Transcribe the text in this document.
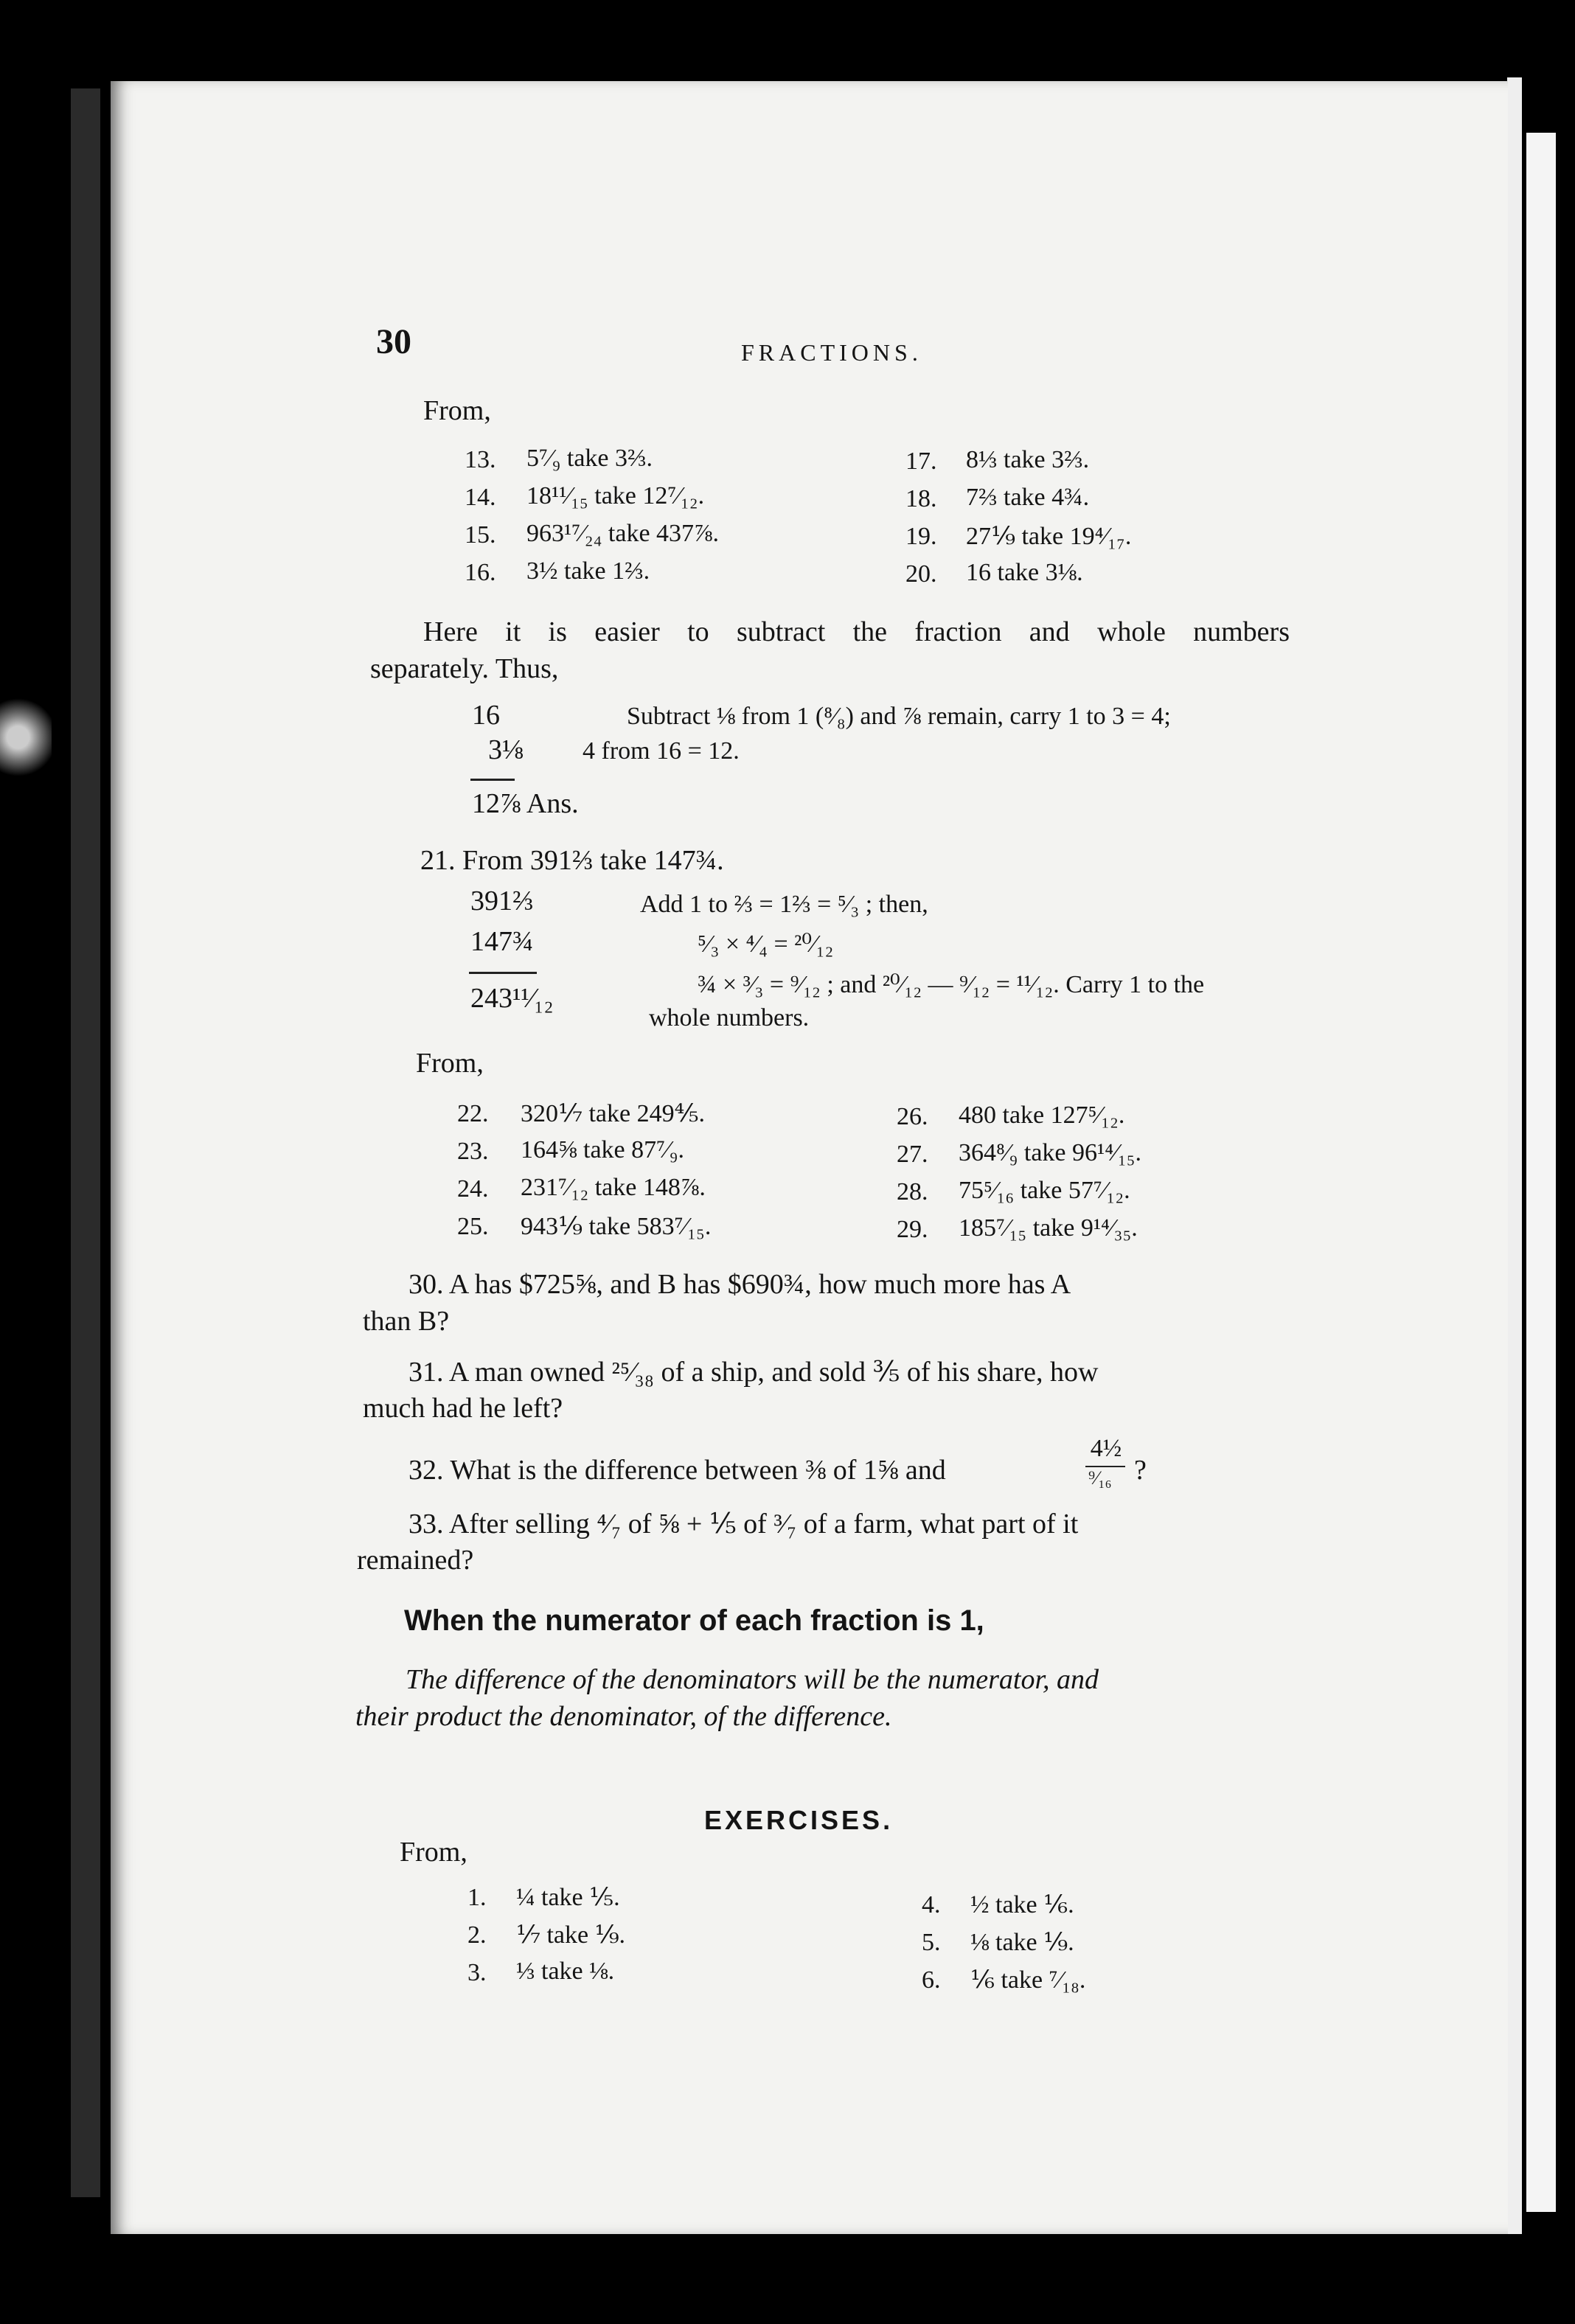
30	FRACTIONS.
From,
13. 5⁷⁄₉ take 3⅔.
14. 18¹¹⁄₁₅ take 12⁷⁄₁₂.
15. 963¹⁷⁄₂₄ take 437⅞.
16. 3½ take 1⅔.
17. 8⅓ take 3⅔.
18. 7⅔ take 4¾.
19. 27⅑ take 19⁴⁄₁₇.
20. 16 take 3⅛.
Here it is easier to subtract the fraction and whole numbers
separately. Thus,
16
3⅛
12⅞ Ans.
Subtract ⅛ from 1 (⁸⁄₈) and ⅞ remain, carry 1 to 3 = 4;
4 from 16 = 12.
21. From 391⅔ take 147¾.
391⅔
147¾
243¹¹⁄₁₂
Add 1 to ⅔ = 1⅔ = ⁵⁄₃ ; then,
⁵⁄₃ × ⁴⁄₄ = ²⁰⁄₁₂
¾ × ³⁄₃ = ⁹⁄₁₂ ; and ²⁰⁄₁₂ — ⁹⁄₁₂ = ¹¹⁄₁₂. Carry 1 to the
whole numbers.
From,
22. 320⅐ take 249⅘.
23. 164⅝ take 87⁷⁄₉.
24. 231⁷⁄₁₂ take 148⅞.
25. 943⅑ take 583⁷⁄₁₅.
26. 480 take 127⁵⁄₁₂.
27. 364⁸⁄₉ take 96¹⁴⁄₁₅.
28. 75⁵⁄₁₆ take 57⁷⁄₁₂.
29. 185⁷⁄₁₅ take 9¹⁴⁄₃₅.
30. A has $725⅝, and B has $690¾, how much more has A
than B?
31. A man owned ²⁵⁄₃₈ of a ship, and sold ⅗ of his share, how
much had he left?
32. What is the difference between ⅜ of 1⅝ and
4½
⁹⁄₁₆ ?
33. After selling ⁴⁄₇ of ⅝ + ⅕ of ³⁄₇ of a farm, what part of it
remained?
When the numerator of each fraction is 1,
The difference of the denominators will be the numerator, and
their product the denominator, of the difference.
EXERCISES.
From,
1. ¼ take ⅕.
2. ⅐ take ⅑.
3. ⅓ take ⅛.
4. ½ take ⅙.
5. ⅛ take ⅑.
6. ⅙ take ⁷⁄₁₈.
